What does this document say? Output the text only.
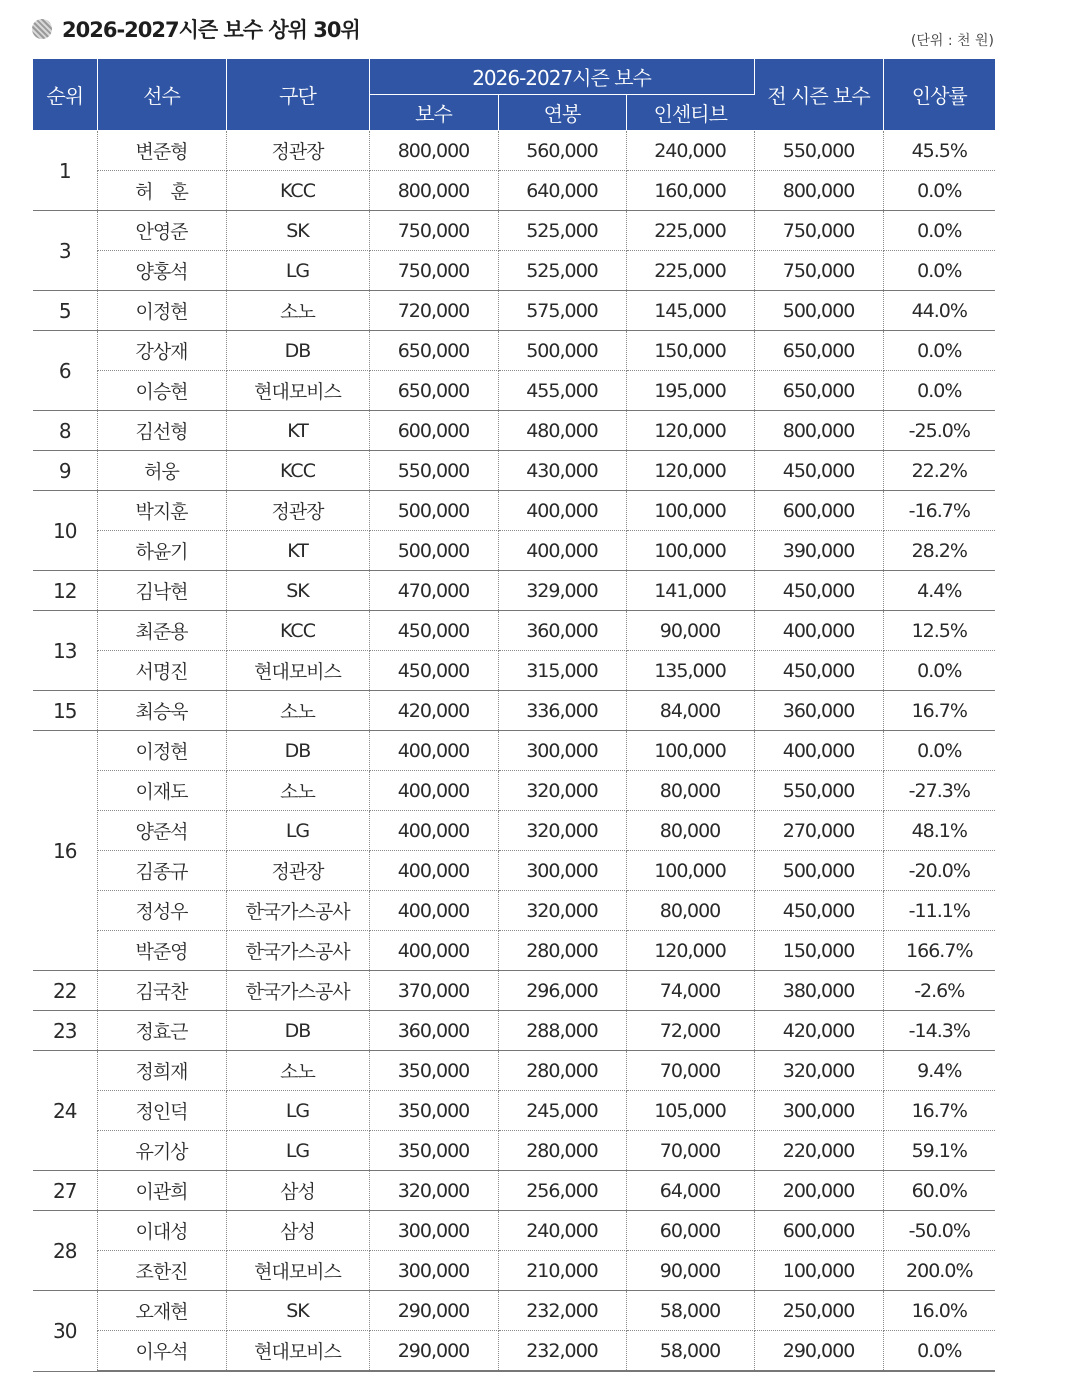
2026-2027시즌 보수 상위 30위	(단위 : 천 원)
순위	선수	구단	2026-2027시즌 보수			전 시즌 보수	인상률
			보수	연봉	인센티브		
1	변준형	정관장	800,000	560,000	240,000	550,000	45.5%
	허　훈	KCC	800,000	640,000	160,000	800,000	0.0%
3	안영준	SK	750,000	525,000	225,000	750,000	0.0%
	양홍석	LG	750,000	525,000	225,000	750,000	0.0%
5	이정현	소노	720,000	575,000	145,000	500,000	44.0%
6	강상재	DB	650,000	500,000	150,000	650,000	0.0%
	이승현	현대모비스	650,000	455,000	195,000	650,000	0.0%
8	김선형	KT	600,000	480,000	120,000	800,000	-25.0%
9	허웅	KCC	550,000	430,000	120,000	450,000	22.2%
10	박지훈	정관장	500,000	400,000	100,000	600,000	-16.7%
	하윤기	KT	500,000	400,000	100,000	390,000	28.2%
12	김낙현	SK	470,000	329,000	141,000	450,000	4.4%
13	최준용	KCC	450,000	360,000	90,000	400,000	12.5%
	서명진	현대모비스	450,000	315,000	135,000	450,000	0.0%
15	최승욱	소노	420,000	336,000	84,000	360,000	16.7%
16	이정현	DB	400,000	300,000	100,000	400,000	0.0%
	이재도	소노	400,000	320,000	80,000	550,000	-27.3%
	양준석	LG	400,000	320,000	80,000	270,000	48.1%
	김종규	정관장	400,000	300,000	100,000	500,000	-20.0%
	정성우	한국가스공사	400,000	320,000	80,000	450,000	-11.1%
	박준영	한국가스공사	400,000	280,000	120,000	150,000	166.7%
22	김국찬	한국가스공사	370,000	296,000	74,000	380,000	-2.6%
23	정효근	DB	360,000	288,000	72,000	420,000	-14.3%
24	정희재	소노	350,000	280,000	70,000	320,000	9.4%
	정인덕	LG	350,000	245,000	105,000	300,000	16.7%
	유기상	LG	350,000	280,000	70,000	220,000	59.1%
27	이관희	삼성	320,000	256,000	64,000	200,000	60.0%
28	이대성	삼성	300,000	240,000	60,000	600,000	-50.0%
	조한진	현대모비스	300,000	210,000	90,000	100,000	200.0%
30	오재현	SK	290,000	232,000	58,000	250,000	16.0%
	이우석	현대모비스	290,000	232,000	58,000	290,000	0.0%
